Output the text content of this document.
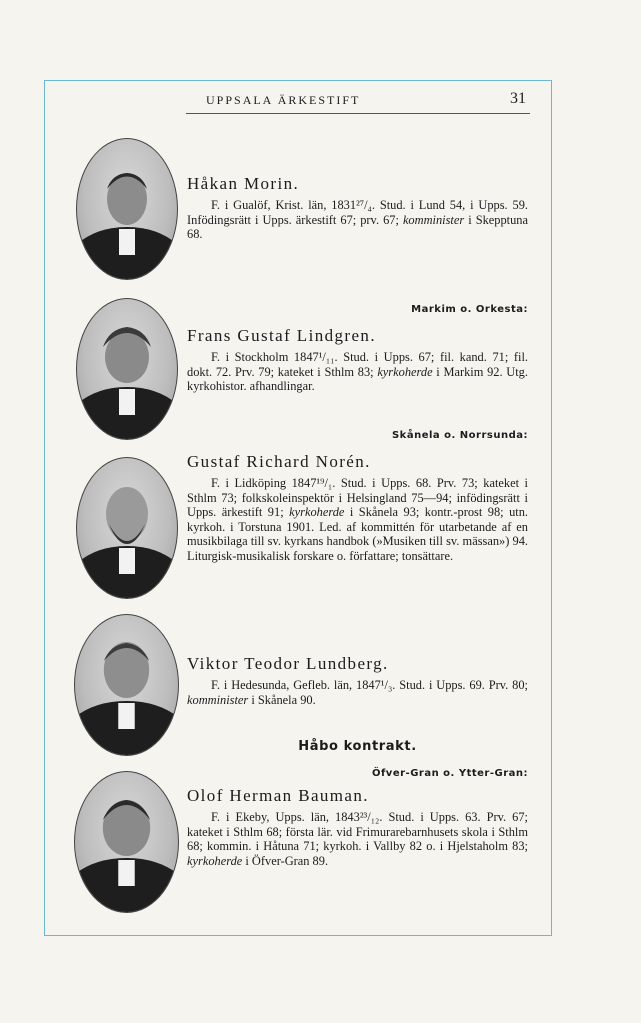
UPPSALA ÄRKESTIFT	31
Håkan Morin.

F. i Gualöf, Krist. län, 1831²⁷/₄. Stud. i Lund 54, i Upps. 59. Infödingsrätt i Upps. ärkestift 67; prv. 67; komminister i Skepptuna 68.

Markim o. Orkesta:
Frans Gustaf Lindgren.

F. i Stockholm 1847¹/₁₁. Stud. i Upps. 67; fil. kand. 71; fil. dokt. 72. Prv. 79; kateket i Sthlm 83; kyrkoherde i Markim 92. Utg. kyrkohistor. afhandlingar.

Skånela o. Norrsunda:
Gustaf Richard Norén.

F. i Lidköping 1847¹⁹/₁. Stud. i Upps. 68. Prv. 73; kateket i Sthlm 73; folkskoleinspektör i Helsingland 75—94; infödingsrätt i Upps. ärkestift 91; kyrkoherde i Skånela 93; kontr.-prost 98; utn. kyrkoh. i Torstuna 1901. Led. af kommittén för utarbetande af en musikbilaga till sv. kyrkans handbok (»Musiken till sv. mässan») 94. Liturgisk-musikalisk forskare o. författare; tonsättare.

Viktor Teodor Lundberg.

F. i Hedesunda, Gefleb. län, 1847¹/₃. Stud. i Upps. 69. Prv. 80; komminister i Skånela 90.

Håbo kontrakt.
Öfver-Gran o. Ytter-Gran:
Olof Herman Bauman.

F. i Ekeby, Upps. län, 1843²³/₁₂. Stud. i Upps. 63. Prv. 67; kateket i Sthlm 68; första lär. vid Frimurarebarnhusets skola i Sthlm 68; kommin. i Håtuna 71; kyrkoh. i Vallby 82 o. i Hjelstaholm 83; kyrkoherde i Öfver-Gran 89.
